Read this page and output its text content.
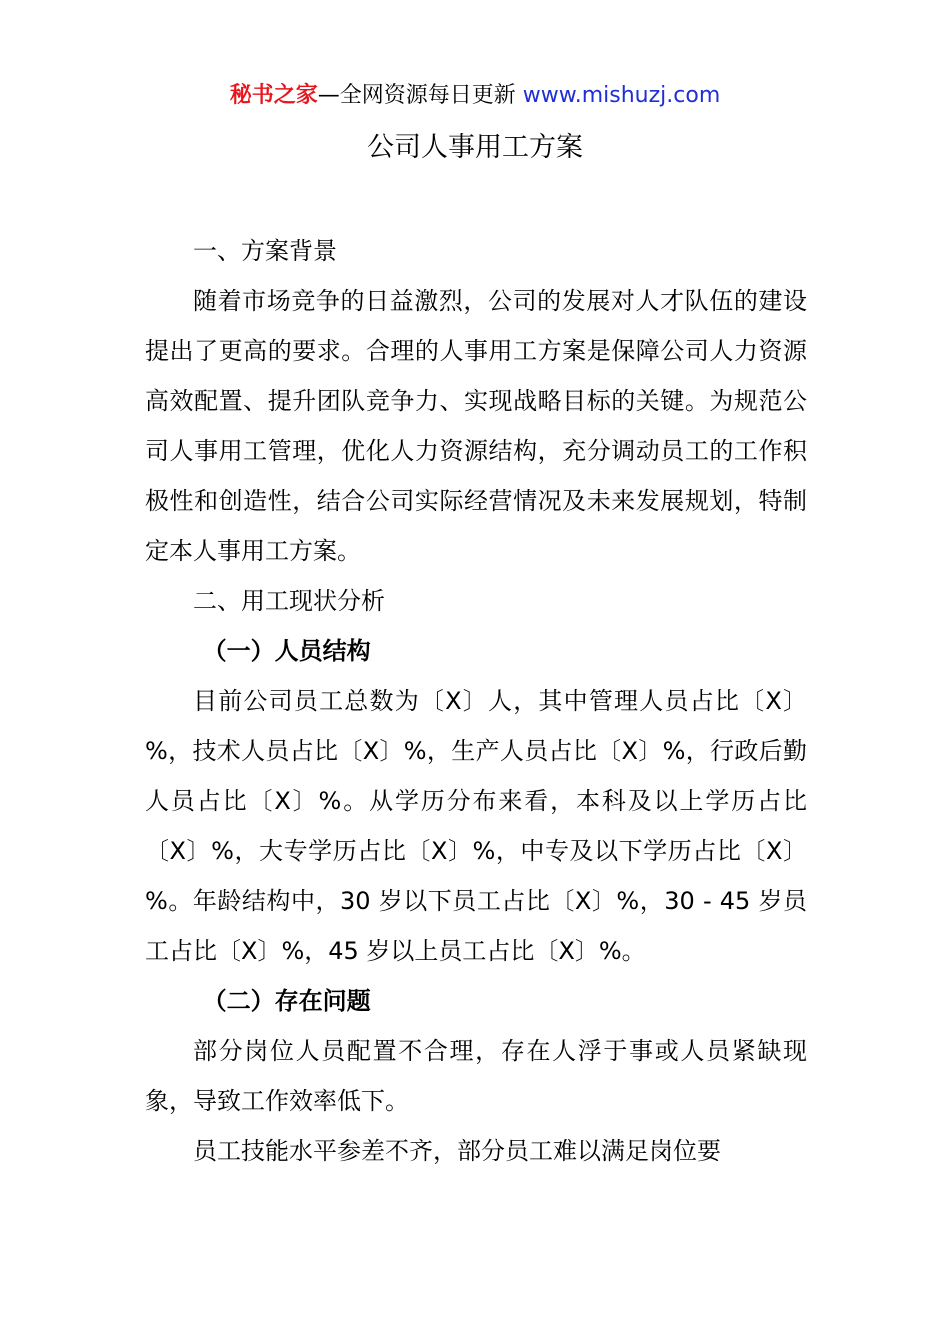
秘书之家—全网资源每日更新 www.mishuzj.com
公司人事用工方案

一、方案背景

随着市场竞争的日益激烈，公司的发展对人才队伍的建设提出了更高的要求。合理的人事用工方案是保障公司人力资源高效配置、提升团队竞争力、实现战略目标的关键。为规范公司人事用工管理，优化人力资源结构，充分调动员工的工作积极性和创造性，结合公司实际经营情况及未来发展规划，特制定本人事用工方案。

二、用工现状分析

（一）人员结构

目前公司员工总数为〔X〕人，其中管理人员占比〔X〕%，技术人员占比〔X〕%，生产人员占比〔X〕%，行政后勤人员占比〔X〕%。从学历分布来看，本科及以上学历占比〔X〕%，大专学历占比〔X〕%，中专及以下学历占比〔X〕%。年龄结构中，30 岁以下员工占比〔X〕%，30 - 45 岁员工占比〔X〕%，45 岁以上员工占比〔X〕%。

（二）存在问题

部分岗位人员配置不合理，存在人浮于事或人员紧缺现象，导致工作效率低下。

员工技能水平参差不齐，部分员工难以满足岗位要
